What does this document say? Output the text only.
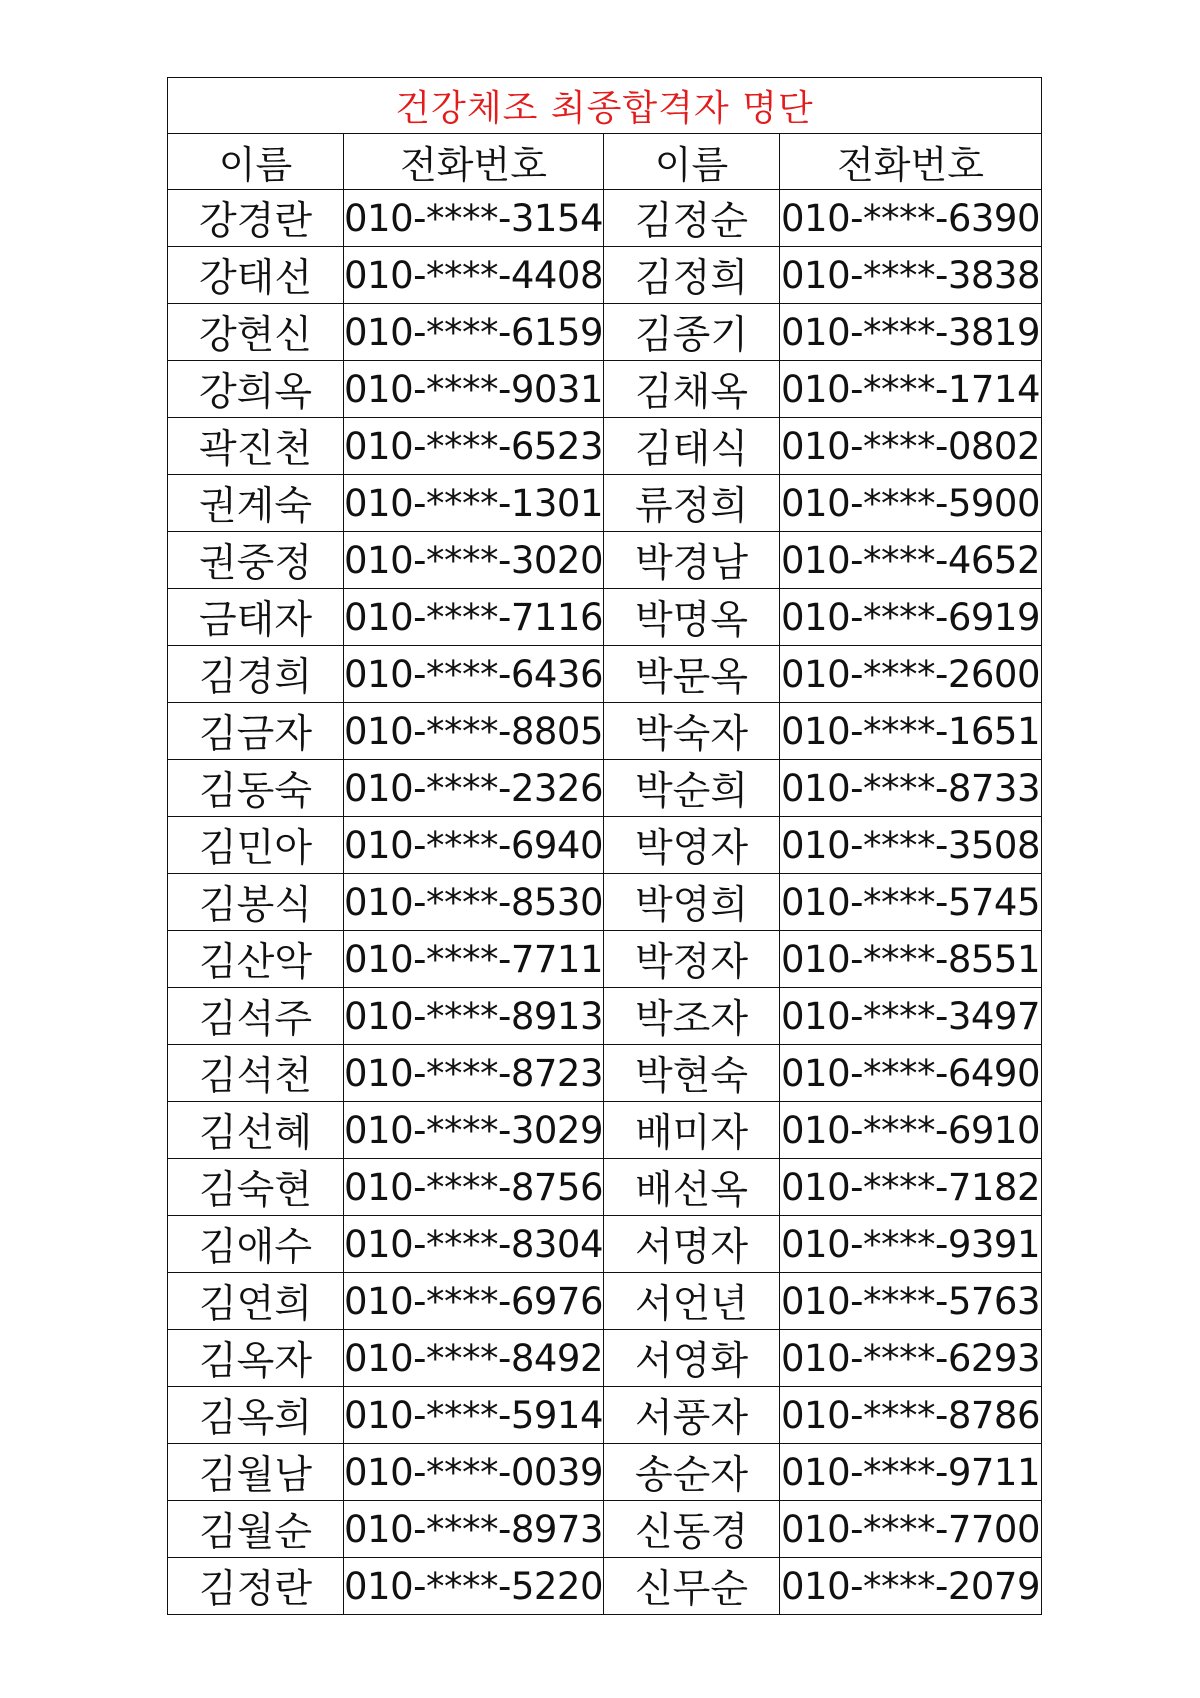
건강체조 최종합격자 명단			
이름	전화번호	이름	전화번호
강경란	010-****-3154	김정순	010-****-6390
강태선	010-****-4408	김정희	010-****-3838
강현신	010-****-6159	김종기	010-****-3819
강희옥	010-****-9031	김채옥	010-****-1714
곽진천	010-****-6523	김태식	010-****-0802
권계숙	010-****-1301	류정희	010-****-5900
권중정	010-****-3020	박경남	010-****-4652
금태자	010-****-7116	박명옥	010-****-6919
김경희	010-****-6436	박문옥	010-****-2600
김금자	010-****-8805	박숙자	010-****-1651
김동숙	010-****-2326	박순희	010-****-8733
김민아	010-****-6940	박영자	010-****-3508
김봉식	010-****-8530	박영희	010-****-5745
김산악	010-****-7711	박정자	010-****-8551
김석주	010-****-8913	박조자	010-****-3497
김석천	010-****-8723	박현숙	010-****-6490
김선혜	010-****-3029	배미자	010-****-6910
김숙현	010-****-8756	배선옥	010-****-7182
김애수	010-****-8304	서명자	010-****-9391
김연희	010-****-6976	서언년	010-****-5763
김옥자	010-****-8492	서영화	010-****-6293
김옥희	010-****-5914	서풍자	010-****-8786
김월남	010-****-0039	송순자	010-****-9711
김월순	010-****-8973	신동경	010-****-7700
김정란	010-****-5220	신무순	010-****-2079
